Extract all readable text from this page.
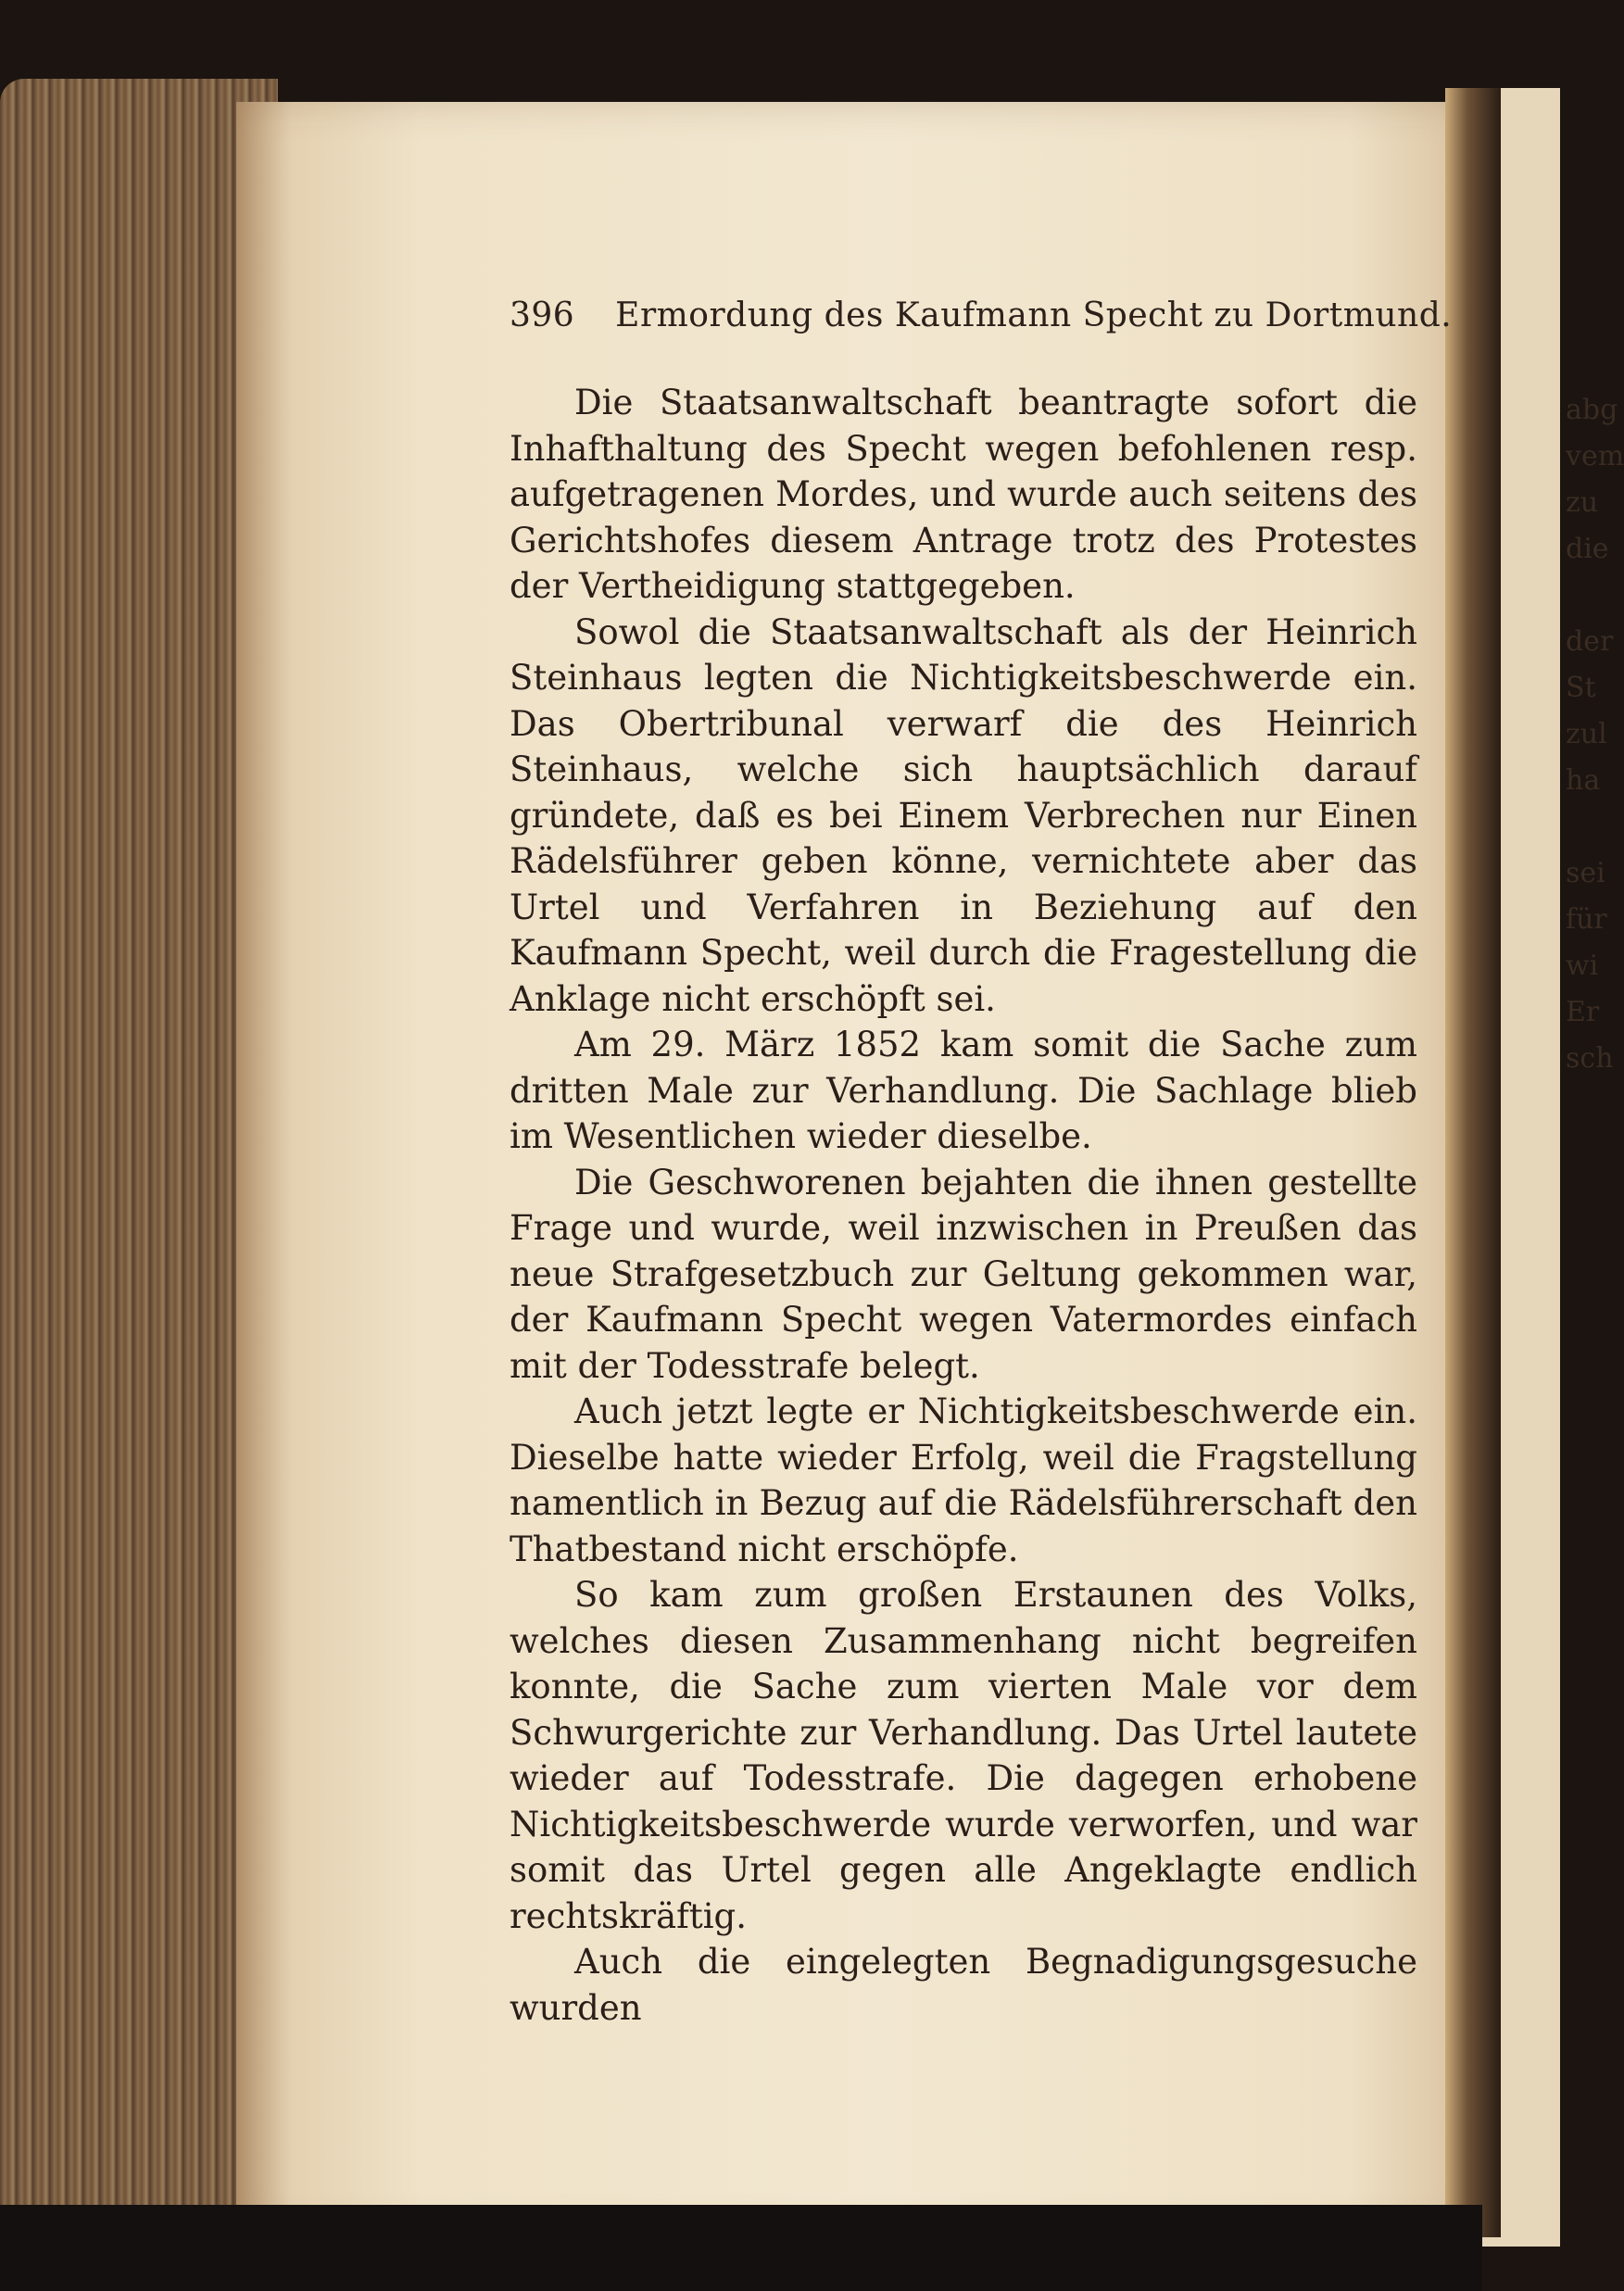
abg
vem
zu
die
der
St
zul
ha
sei
für
wi
Er
sch
396 Ermordung des Kaufmann Specht zu Dortmund.

Die Staatsanwaltschaft beantragte sofort die Inhafthaltung des Specht wegen befohlenen resp. aufgetragenen Mordes, und wurde auch seitens des Gerichtshofes diesem Antrage trotz des Protestes der Vertheidigung stattgegeben.

Sowol die Staatsanwaltschaft als der Heinrich Steinhaus legten die Nichtigkeitsbeschwerde ein. Das Obertribunal verwarf die des Heinrich Steinhaus, welche sich hauptsächlich darauf gründete, daß es bei Einem Verbrechen nur Einen Rädelsführer geben könne, vernichtete aber das Urtel und Verfahren in Beziehung auf den Kaufmann Specht, weil durch die Fragestellung die Anklage nicht erschöpft sei.

Am 29. März 1852 kam somit die Sache zum dritten Male zur Verhandlung. Die Sachlage blieb im Wesentlichen wieder dieselbe.

Die Geschworenen bejahten die ihnen gestellte Frage und wurde, weil inzwischen in Preußen das neue Strafgesetzbuch zur Geltung gekommen war, der Kaufmann Specht wegen Vatermordes einfach mit der Todesstrafe belegt.

Auch jetzt legte er Nichtigkeitsbeschwerde ein. Dieselbe hatte wieder Erfolg, weil die Fragstellung namentlich in Bezug auf die Rädelsführerschaft den Thatbestand nicht erschöpfe.

So kam zum großen Erstaunen des Volks, welches diesen Zusammenhang nicht begreifen konnte, die Sache zum vierten Male vor dem Schwurgerichte zur Verhandlung. Das Urtel lautete wieder auf Todesstrafe. Die dagegen erhobene Nichtigkeitsbeschwerde wurde verworfen, und war somit das Urtel gegen alle Angeklagte endlich rechtskräftig.

Auch die eingelegten Begnadigungsgesuche wurden
